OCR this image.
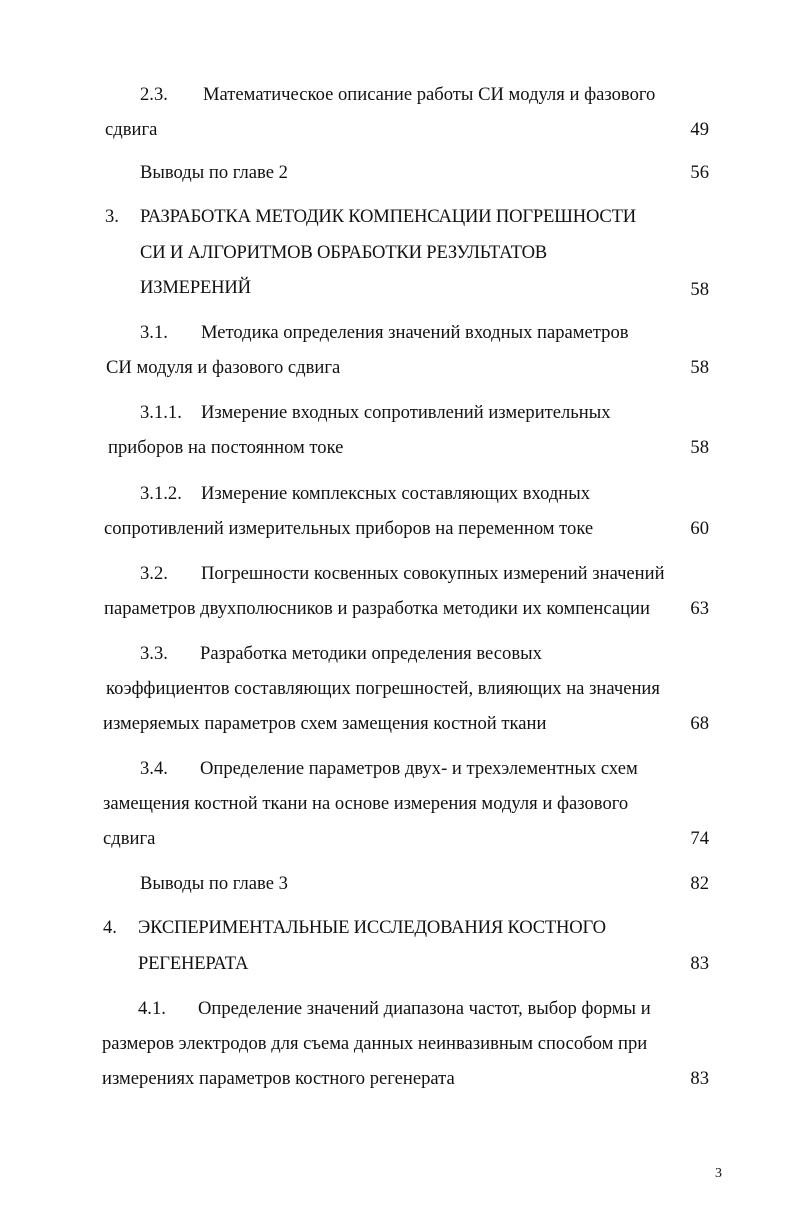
2.3. Математическое описание работы СИ модуля и фазового
сдвига	49
Выводы по главе 2	56
3. РАЗРАБОТКА МЕТОДИК КОМПЕНСАЦИИ ПОГРЕШНОСТИ
СИ И АЛГОРИТМОВ ОБРАБОТКИ РЕЗУЛЬТАТОВ
ИЗМЕРЕНИЙ	58
3.1. Методика определения значений входных параметров
СИ модуля и фазового сдвига	58
3.1.1. Измерение входных сопротивлений измерительных
приборов на постоянном токе	58
3.1.2. Измерение комплексных составляющих входных
сопротивлений измерительных приборов на переменном токе	60
3.2. Погрешности косвенных совокупных измерений значений
параметров двухполюсников и разработка методики их компенсации 63
3.3. Разработка методики определения весовых
коэффициентов составляющих погрешностей, влияющих на значения
измеряемых параметров схем замещения костной ткани	68
3.4. Определение параметров двух- и трехэлементных схем
замещения костной ткани на основе измерения модуля и фазового
сдвига	74
Выводы по главе 3	82
4. ЭКСПЕРИМЕНТАЛЬНЫЕ ИССЛЕДОВАНИЯ КОСТНОГО
РЕГЕНЕРАТА	83
4.1. Определение значений диапазона частот, выбор формы и
размеров электродов для съема данных неинвазивным способом при
измерениях параметров костного регенерата	83
3
